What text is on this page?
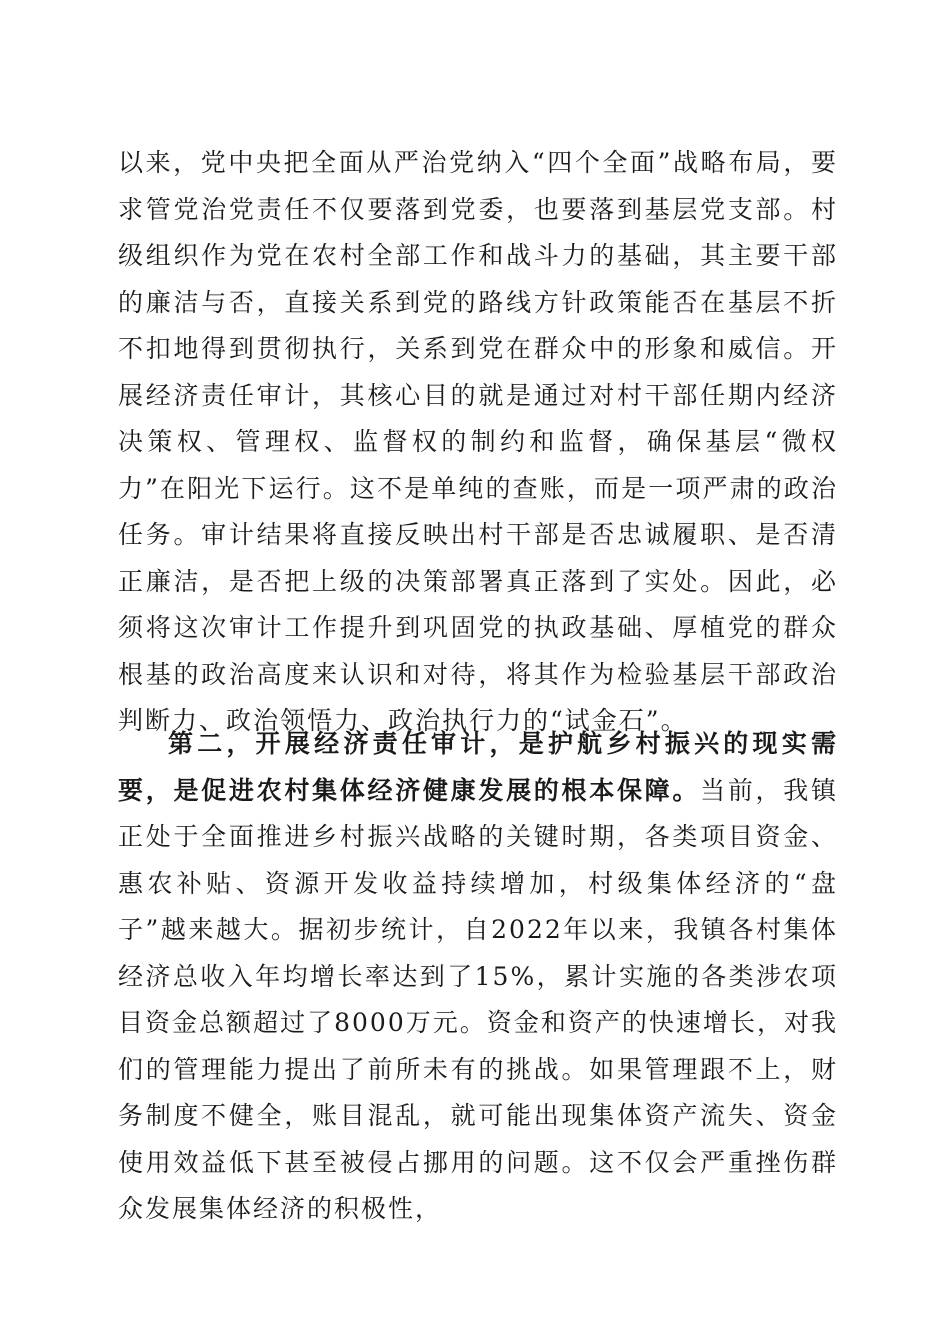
以来，党中央把全面从严治党纳入“四个全面”战略布局，要求管党治党责任不仅要落到党委，也要落到基层党支部。村级组织作为党在农村全部工作和战斗力的基础，其主要干部的廉洁与否，直接关系到党的路线方针政策能否在基层不折不扣地得到贯彻执行，关系到党在群众中的形象和威信。开展经济责任审计，其核心目的就是通过对村干部任期内经济决策权、管理权、监督权的制约和监督，确保基层“微权力”在阳光下运行。这不是单纯的查账，而是一项严肃的政治任务。审计结果将直接反映出村干部是否忠诚履职、是否清正廉洁，是否把上级的决策部署真正落到了实处。因此，必须将这次审计工作提升到巩固党的执政基础、厚植党的群众根基的政治高度来认识和对待，将其作为检验基层干部政治判断力、政治领悟力、政治执行力的“试金石”。

第二，开展经济责任审计，是护航乡村振兴的现实需要，是促进农村集体经济健康发展的根本保障。当前，我镇正处于全面推进乡村振兴战略的关键时期，各类项目资金、惠农补贴、资源开发收益持续增加，村级集体经济的“盘子”越来越大。据初步统计，自2022年以来，我镇各村集体经济总收入年均增长率达到了15%，累计实施的各类涉农项目资金总额超过了8000万元。资金和资产的快速增长，对我们的管理能力提出了前所未有的挑战。如果管理跟不上，财务制度不健全，账目混乱，就可能出现集体资产流失、资金使用效益低下甚至被侵占挪用的问题。这不仅会严重挫伤群众发展集体经济的积极性，
